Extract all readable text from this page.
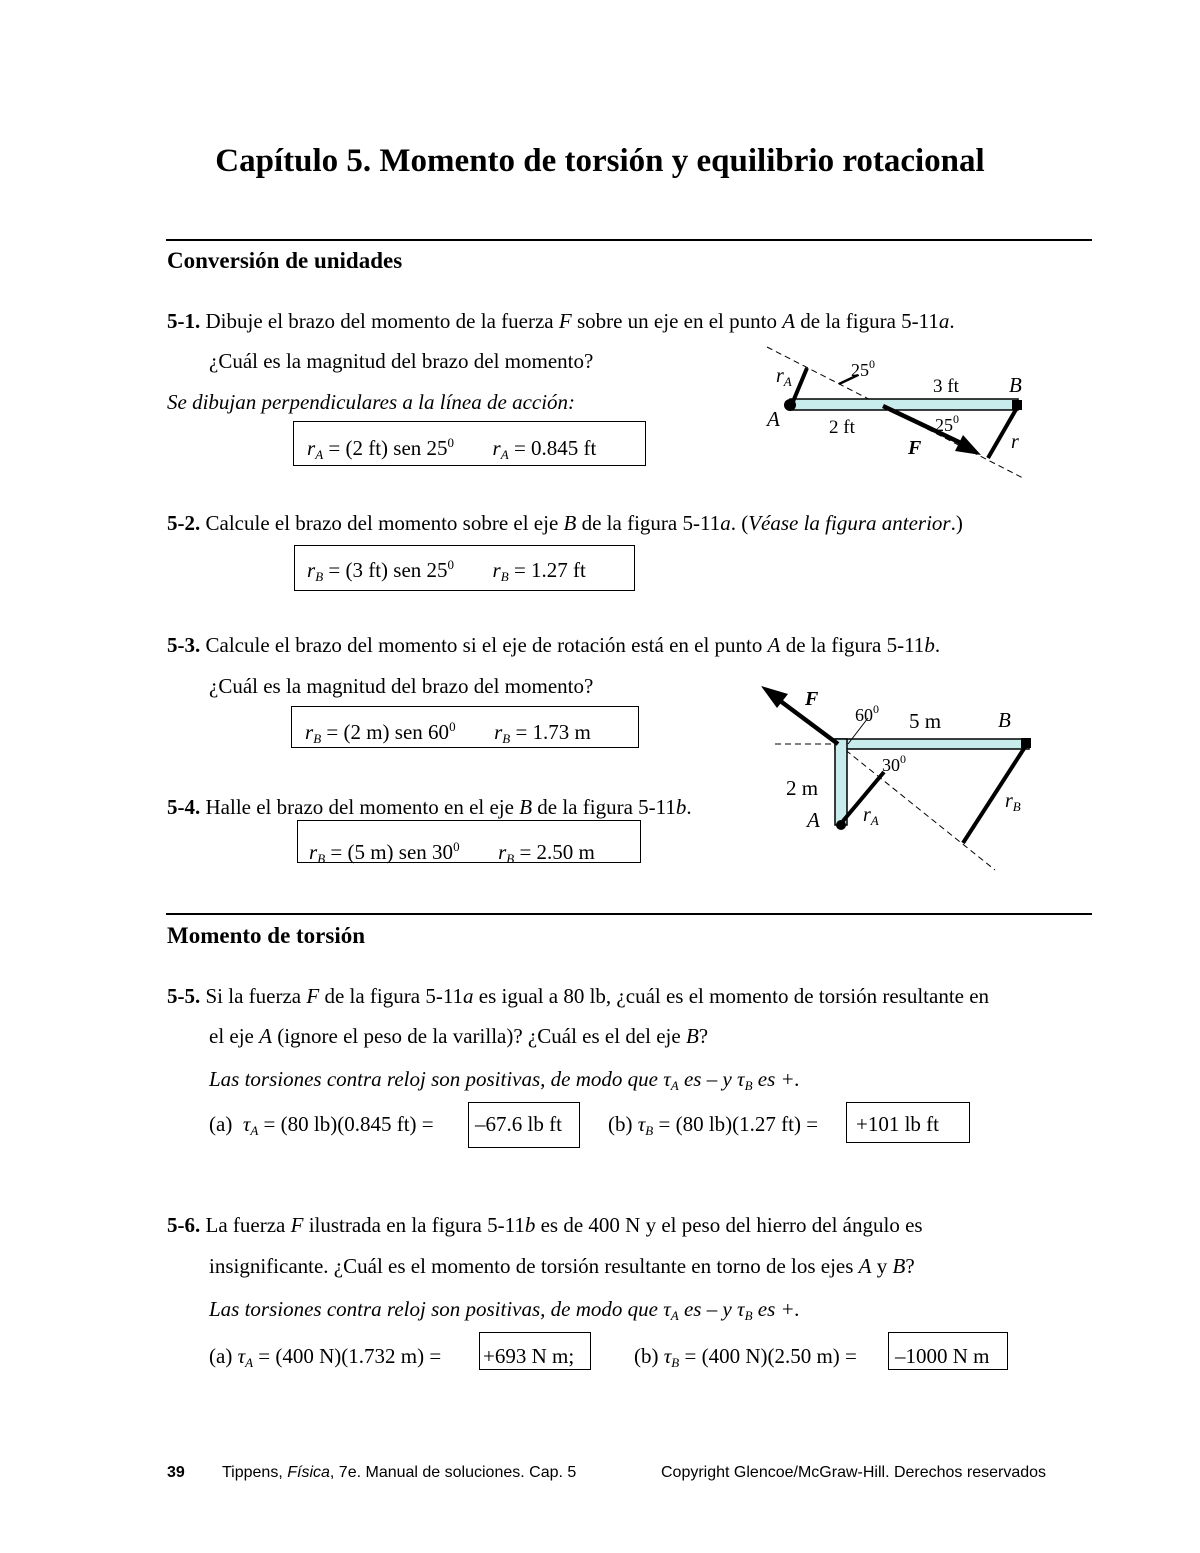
Capítulo 5. Momento de torsión y equilibrio rotacional
Conversión de unidades
5-1. Dibuje el brazo del momento de la fuerza F sobre un eje en el punto A de la figura 5-11a.
¿Cuál es la magnitud del brazo del momento?
Se dibujan perpendiculares a la línea de acción:
$r_A = (2$ ft) sen $25^0$ $r_A = 0.845$ ft
$r_A$
$25^0$
3 ft B
A	2 ft	$25^0$
F	r
5-2. Calcule el brazo del momento sobre el eje B de la figura 5-11a. (Véase la figura anterior.)
$r_B = (3$ ft) sen $25^0$ $r_B = 1.27$ ft
5-3. Calcule el brazo del momento si el eje de rotación está en el punto A de la figura 5-11b.
¿Cuál es la magnitud del brazo del momento?
$r_B = (2$ m) sen $60^0$ $r_B = 1.73$ m
F
$60^0$ 5 m	B
$30^0$
2 m
A $r_A$
$r_B$
5-4. Halle el brazo del momento en el eje B de la figura 5-11b.
$r_B = (5$ m) sen $30^0$ $r_B = 2.50$ m
Momento de torsión
5-5. Si la fuerza F de la figura 5-11a es igual a 80 lb, ¿cuál es el momento de torsión resultante en
el eje A (ignore el peso de la varilla)? ¿Cuál es el del eje B?
Las torsiones contra reloj son positivas, de modo que $\tau_A$ es – y $\tau_B$ es +.
(a) $\tau_A = (80$ lb)(0.845 ft) = –67.6 lb ft (b) $\tau_B = (80$ lb)(1.27 ft) = +101 lb ft
5-6. La fuerza F ilustrada en la figura 5-11b es de 400 N y el peso del hierro del ángulo es
insignificante. ¿Cuál es el momento de torsión resultante en torno de los ejes A y B?
Las torsiones contra reloj son positivas, de modo que $\tau_A$ es – y $\tau_B$ es +.
(a) $\tau_A = (400$ N)(1.732 m) = +693 N m;	(b) $\tau_B = (400$ N)(2.50 m) = –1000 N m
39 Tippens, Física, 7e. Manual de soluciones. Cap. 5	Copyright Glencoe/McGraw-Hill. Derechos reservados
